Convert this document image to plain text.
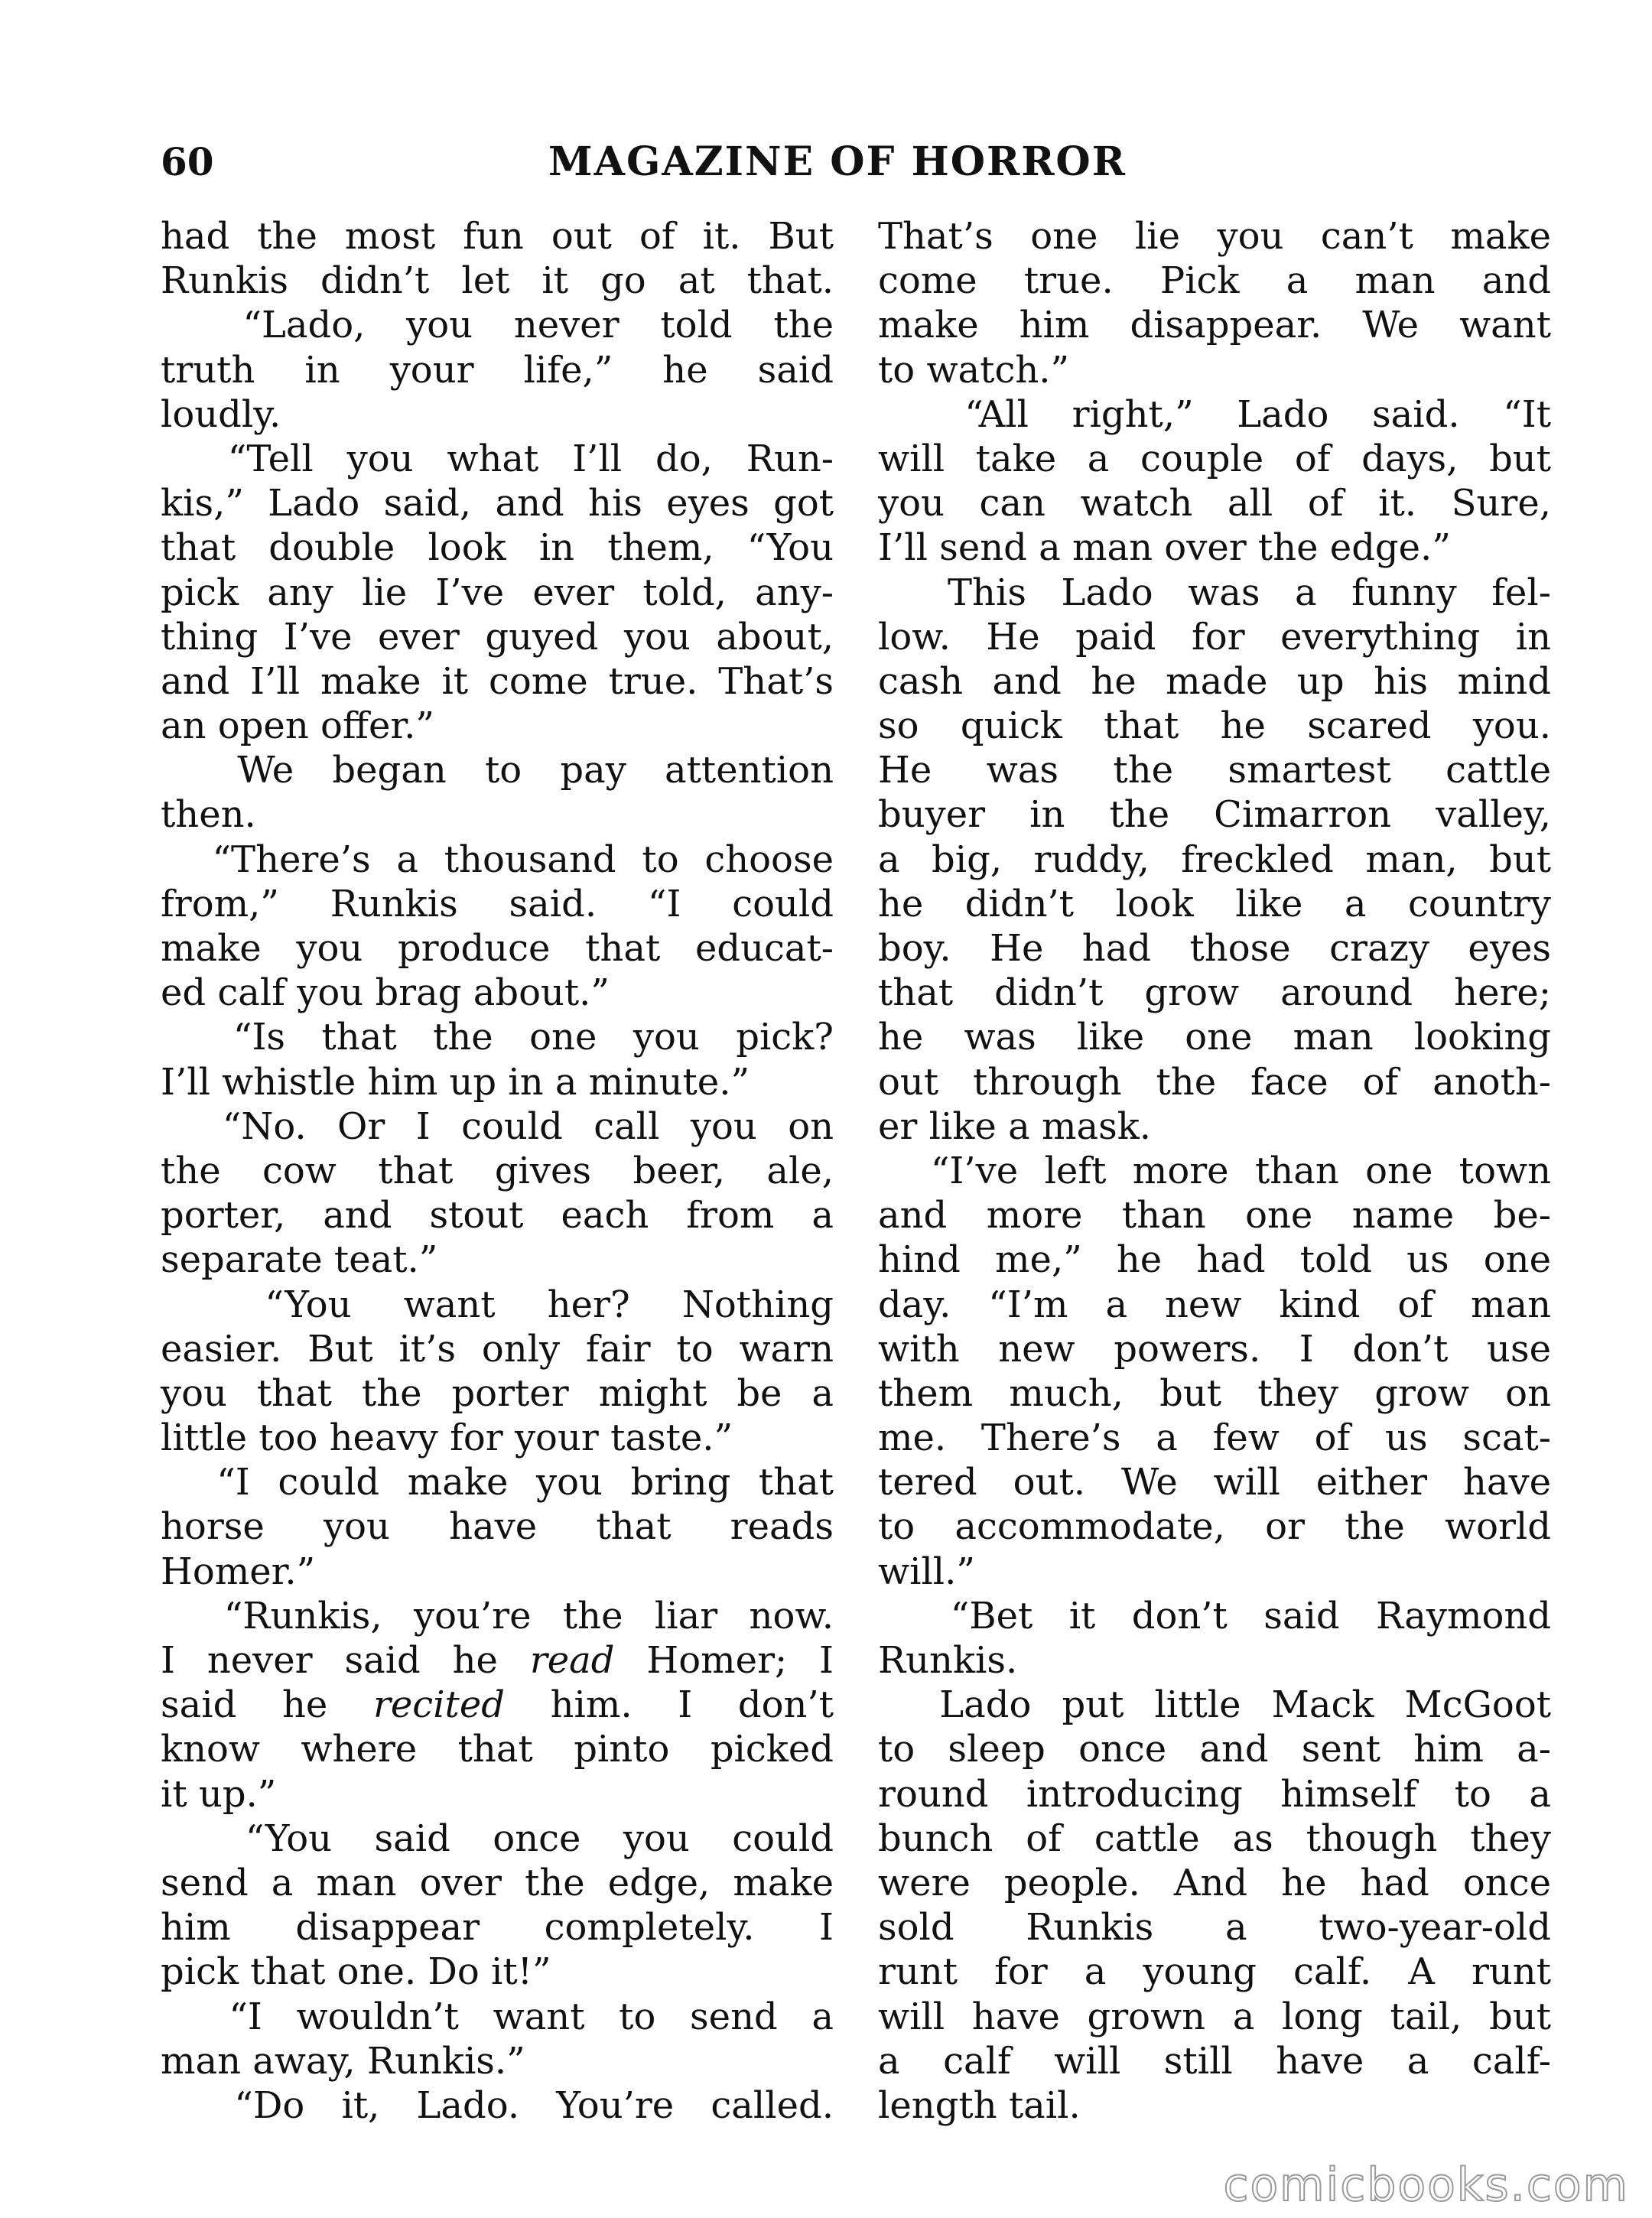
60	MAGAZINE OF HORROR
had the most fun out of it. But
Runkis didn’t let it go at that.
“Lado, you never told the
truth in your life,” he said
loudly.
“Tell you what I’ll do, Run-
kis,” Lado said, and his eyes got
that double look in them, “You
pick any lie I’ve ever told, any-
thing I’ve ever guyed you about,
and I’ll make it come true. That’s
an open offer.”
We began to pay attention
then.
“There’s a thousand to choose
from,” Runkis said. “I could
make you produce that educat-
ed calf you brag about.”
“Is that the one you pick?
I’ll whistle him up in a minute.”
“No. Or I could call you on
the cow that gives beer, ale,
porter, and stout each from a
separate teat.”
“You want her? Nothing
easier. But it’s only fair to warn
you that the porter might be a
little too heavy for your taste.”
“I could make you bring that
horse you have that reads
Homer.”
“Runkis, you’re the liar now.
I never said he read Homer; I
said he recited him. I don’t
know where that pinto picked
it up.”
“You said once you could
send a man over the edge, make
him disappear completely. I
pick that one. Do it!”
“I wouldn’t want to send a
man away, Runkis.”
“Do it, Lado. You’re called.
That’s one lie you can’t make
come true. Pick a man and
make him disappear. We want
to watch.”
“All right,” Lado said. “It
will take a couple of days, but
you can watch all of it. Sure,
I’ll send a man over the edge.”
This Lado was a funny fel-
low. He paid for everything in
cash and he made up his mind
so quick that he scared you.
He was the smartest cattle
buyer in the Cimarron valley,
a big, ruddy, freckled man, but
he didn’t look like a country
boy. He had those crazy eyes
that didn’t grow around here;
he was like one man looking
out through the face of anoth-
er like a mask.
“I’ve left more than one town
and more than one name be-
hind me,” he had told us one
day. “I’m a new kind of man
with new powers. I don’t use
them much, but they grow on
me. There’s a few of us scat-
tered out. We will either have
to accommodate, or the world
will.”
“Bet it don’t said Raymond
Runkis.
Lado put little Mack McGoot
to sleep once and sent him a-
round introducing himself to a
bunch of cattle as though they
were people. And he had once
sold Runkis a two-year-old
runt for a young calf. A runt
will have grown a long tail, but
a calf will still have a calf-
length tail.
comicbooks.com
